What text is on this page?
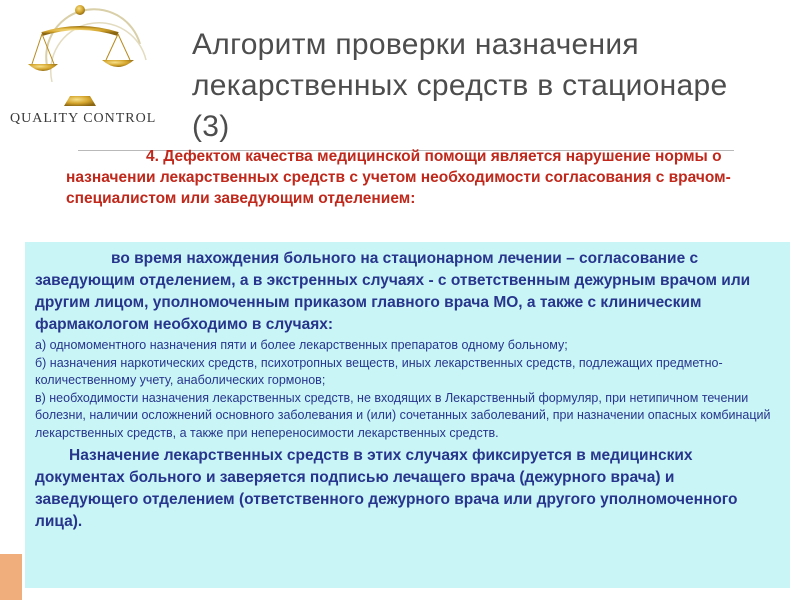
QUALITY CONTROL
Алгоритм проверки назначения лекарственных средств в стационаре (3)

4. Дефектом качества медицинской помощи является нарушение нормы о назначении лекарственных средств с учетом необходимости согласования с врачом-специалистом или заведующим отделением:

во время нахождения больного на стационарном лечении – согласование с заведующим отделением, а в экстренных случаях - с ответственным дежурным врачом или другим лицом, уполномоченным приказом главного врача МО, а также с клиническим фармакологом необходимо в случаях:

а) одномоментного назначения пяти и более лекарственных препаратов одному больному;
б) назначения наркотических средств, психотропных веществ, иных лекарственных средств, подлежащих предметно-количественному учету, анаболических гормонов;
в) необходимости назначения лекарственных средств, не входящих в Лекарственный формуляр, при нетипичном течении болезни, наличии осложнений основного заболевания и (или) сочетанных заболеваний, при назначении опасных комбинаций лекарственных средств, а также при непереносимости лекарственных средств.

Назначение лекарственных средств в этих случаях фиксируется в медицинских документах больного и заверяется подписью лечащего врача (дежурного врача) и заведующего отделением (ответственного дежурного врача или другого уполномоченного лица).
